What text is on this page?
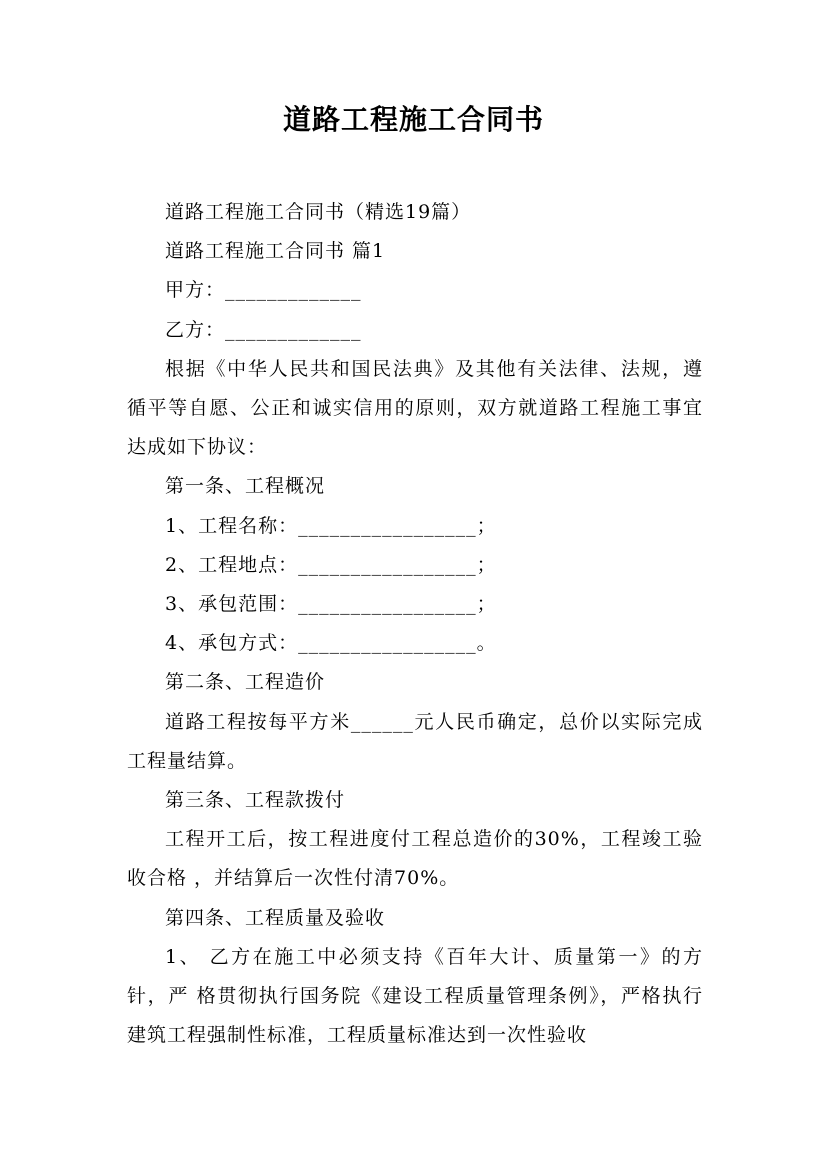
道路工程施工合同书

道路工程施工合同书（精选19篇）

道路工程施工合同书 篇1

甲方：_____________

乙方：_____________

根据《中华人民共和国民法典》及其他有关法律、法规，遵循平等自愿、公正和诚实信用的原则，双方就道路工程施工事宜达成如下协议：

第一条、工程概况

1、工程名称：_________________；

2、工程地点：_________________；

3、承包范围：_________________；

4、承包方式：_________________。

第二条、工程造价

道路工程按每平方米______元人民币确定，总价以实际完成工程量结算。

第三条、工程款拨付

工程开工后，按工程进度付工程总造价的30%，工程竣工验收合格 ，并结算后一次性付清70%。

第四条、工程质量及验收

1、 乙方在施工中必须支持《百年大计、质量第一》的方针，严 格贯彻执行国务院《建设工程质量管理条例》，严格执行建筑工程强制性标准，工程质量标准达到一次性验收
